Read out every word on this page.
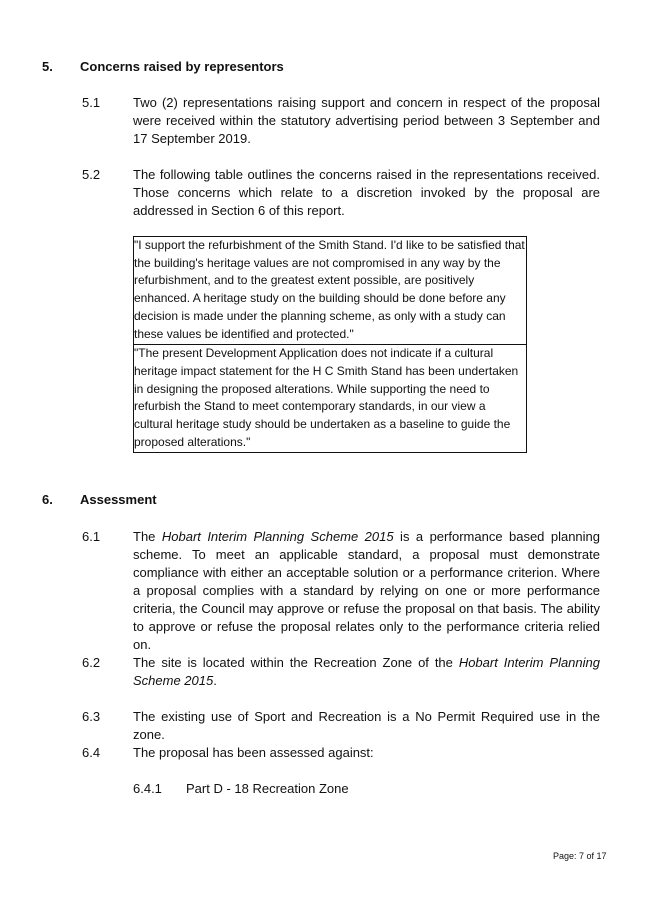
5. Concerns raised by representors
5.1	Two (2) representations raising support and concern in respect of the proposal were received within the statutory advertising period between 3 September and 17 September 2019.
5.2	The following table outlines the concerns raised in the representations received. Those concerns which relate to a discretion invoked by the proposal are addressed in Section 6 of this report.
"I support the refurbishment of the Smith Stand. I'd like to be satisfied that the building's heritage values are not compromised in any way by the refurbishment, and to the greatest extent possible, are positively enhanced. A heritage study on the building should be done before any decision is made under the planning scheme, as only with a study can these values be identified and protected."
"The present Development Application does not indicate if a cultural heritage impact statement for the H C Smith Stand has been undertaken in designing the proposed alterations. While supporting the need to refurbish the Stand to meet contemporary standards, in our view a cultural heritage study should be undertaken as a baseline to guide the proposed alterations."
6. Assessment
6.1	The Hobart Interim Planning Scheme 2015 is a performance based planning scheme. To meet an applicable standard, a proposal must demonstrate compliance with either an acceptable solution or a performance criterion. Where a proposal complies with a standard by relying on one or more performance criteria, the Council may approve or refuse the proposal on that basis. The ability to approve or refuse the proposal relates only to the performance criteria relied on.
6.2	The site is located within the Recreation Zone of the Hobart Interim Planning Scheme 2015.
6.3	The existing use of Sport and Recreation is a No Permit Required use in the zone.
6.4	The proposal has been assessed against:
6.4.1 Part D - 18 Recreation Zone
Page: 7 of 17
